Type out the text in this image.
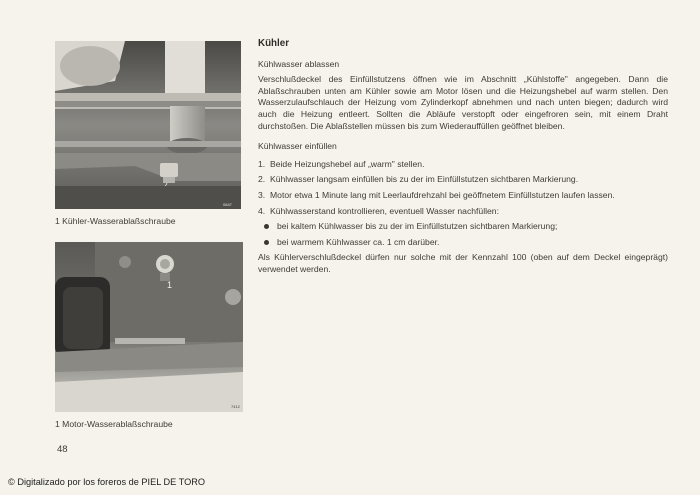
0847
1 Kühler-Wasserablaßschraube
1
7412
1 Motor-Wasserablaßschraube
48
© Digitalizado por los foreros de PIEL DE TORO
Kühler
Kühlwasser ablassen

Verschlußdeckel des Einfüllstutzens öffnen wie im Abschnitt „Kühlstoffe" angegeben. Dann die Ablaßschrauben unten am Kühler sowie am Motor lösen und die Heizungshebel auf warm stellen. Den Wasserzulaufschlauch der Heizung vom Zylinderkopf abnehmen und nach unten biegen; dadurch wird auch die Heizung entleert. Sollten die Abläufe verstopft oder eingefroren sein, mit einem Draht durchstoßen. Die Ablaßstellen müssen bis zum Wiederauffüllen geöffnet bleiben.

Kühlwasser einfüllen
1. Beide Heizungshebel auf „warm" stellen.
2. Kühlwasser langsam einfüllen bis zu der im Einfüllstutzen sichtbaren Markierung.
3. Motor etwa 1 Minute lang mit Leerlaufdrehzahl bei geöffnetem Einfüllstutzen laufen lassen.
4. Kühlwasserstand kontrollieren, eventuell Wasser nachfüllen:
bei kaltem Kühlwasser bis zu der im Einfüllstutzen sichtbaren Markierung;
bei warmem Kühlwasser ca. 1 cm darüber.

Als Kühlerverschlußdeckel dürfen nur solche mit der Kennzahl 100 (oben auf dem Deckel eingeprägt) verwendet werden.
